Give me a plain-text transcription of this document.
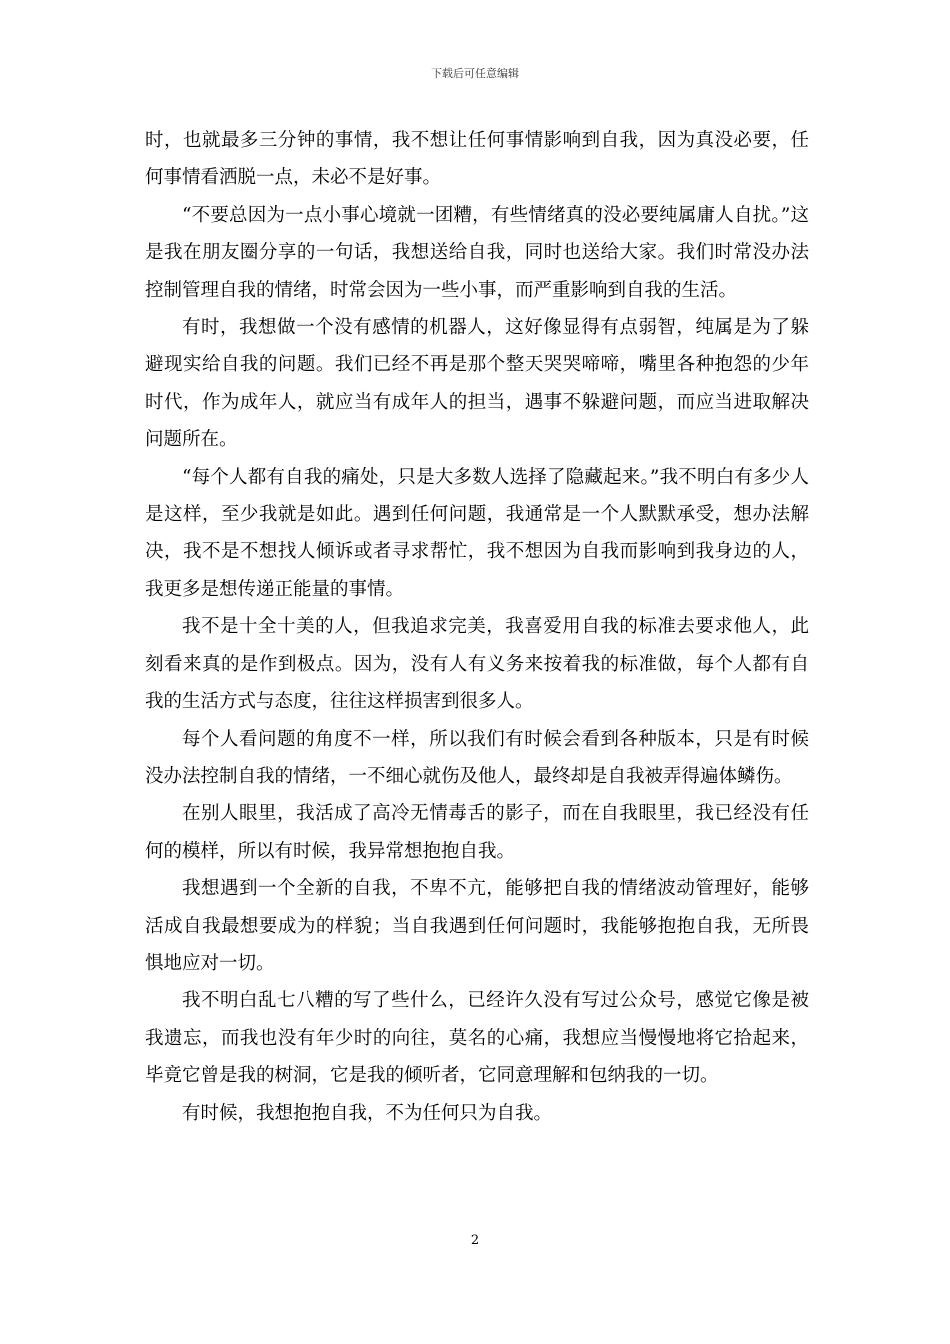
下载后可任意编辑

时，也就最多三分钟的事情，我不想让任何事情影响到自我，因为真没必要，任何事情看洒脱一点，未必不是好事。

“不要总因为一点小事心境就一团糟，有些情绪真的没必要纯属庸人自扰。”这是我在朋友圈分享的一句话，我想送给自我，同时也送给大家。我们时常没办法控制管理自我的情绪，时常会因为一些小事，而严重影响到自我的生活。

有时，我想做一个没有感情的机器人，这好像显得有点弱智，纯属是为了躲避现实给自我的问题。我们已经不再是那个整天哭哭啼啼，嘴里各种抱怨的少年时代，作为成年人，就应当有成年人的担当，遇事不躲避问题，而应当进取解决问题所在。

“每个人都有自我的痛处，只是大多数人选择了隐藏起来。”我不明白有多少人是这样，至少我就是如此。遇到任何问题，我通常是一个人默默承受，想办法解决，我不是不想找人倾诉或者寻求帮忙，我不想因为自我而影响到我身边的人，我更多是想传递正能量的事情。

我不是十全十美的人，但我追求完美，我喜爱用自我的标准去要求他人，此刻看来真的是作到极点。因为，没有人有义务来按着我的标准做，每个人都有自我的生活方式与态度，往往这样损害到很多人。

每个人看问题的角度不一样，所以我们有时候会看到各种版本，只是有时候没办法控制自我的情绪，一不细心就伤及他人，最终却是自我被弄得遍体鳞伤。

在别人眼里，我活成了高冷无情毒舌的影子，而在自我眼里，我已经没有任何的模样，所以有时候，我异常想抱抱自我。

我想遇到一个全新的自我，不卑不亢，能够把自我的情绪波动管理好，能够活成自我最想要成为的样貌；当自我遇到任何问题时，我能够抱抱自我，无所畏惧地应对一切。

我不明白乱七八糟的写了些什么，已经许久没有写过公众号，感觉它像是被我遗忘，而我也没有年少时的向往，莫名的心痛，我想应当慢慢地将它拾起来，毕竟它曾是我的树洞，它是我的倾听者，它同意理解和包纳我的一切。

有时候，我想抱抱自我，不为任何只为自我。

2
